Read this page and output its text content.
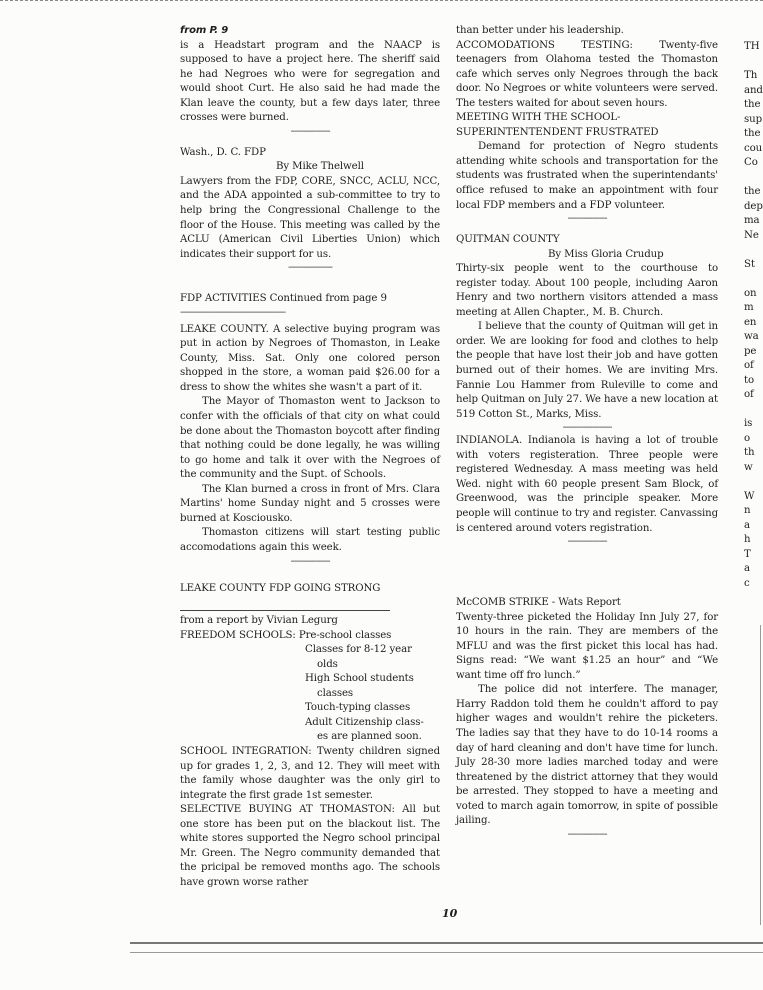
from P. 9

is a Headstart program and the NAACP is supposed to have a project here. The sheriff said he had Negroes who were for segregation and would shoot Curt. He also said he had made the Klan leave the county, but a few days later, three crosses were burned.

----------------

Wash., D. C. FDP

By Mike Thelwell

Lawyers from the FDP, CORE, SNCC, ACLU, NCC, and the ADA appointed a sub-committee to try to help bring the Congressional Challenge to the floor of the House. This meeting was called by the ACLU (American Civil Liberties Union) which indicates their support for us.

------------------

FDP ACTIVITIES Continued from page 9

-------------------------------------------

LEAKE COUNTY. A selective buying program was put in action by Negroes of Thomaston, in Leake County, Miss. Sat. Only one colored person shopped in the store, a woman paid $26.00 for a dress to show the whites she wasn't a part of it.

The Mayor of Thomaston went to Jackson to confer with the officials of that city on what could be done about the Thomaston boycott after finding that nothing could be done legally, he was willing to go home and talk it over with the Negroes of the community and the Supt. of Schools.

The Klan burned a cross in front of Mrs. Clara Martins' home Sunday night and 5 crosses were burned at Kosciousko.

Thomaston citizens will start testing public accomodations again this week.

----------------

LEAKE COUNTY FDP GOING STRONG

from a report by Vivian Legurg

FREEDOM SCHOOLS: Pre-school classes

Classes for 8-12 year

olds

High School students

classes

Touch-typing classes

Adult Citizenship class-

es are planned soon.

SCHOOL INTEGRATION: Twenty children signed up for grades 1, 2, 3, and 12. They will meet with the family whose daughter was the only girl to integrate the first grade 1st semester.

SELECTIVE BUYING AT THOMASTON: All but one store has been put on the blackout list. The white stores supported the Negro school principal Mr. Green. The Negro community demanded that the pricipal be removed months ago. The schools have grown worse rather

than better under his leadership.

ACCOMODATIONS TESTING: Twenty-five teenagers from Olahoma tested the Thomaston cafe which serves only Negroes through the back door. No Negroes or white volunteers were served. The testers waited for about seven hours.

MEETING WITH THE SCHOOL-SUPERINTENTENDENT FRUSTRATED

Demand for protection of Negro students attending white schools and transportation for the students was frustrated when the superintendants' office refused to make an appointment with four local FDP members and a FDP volunteer.

----------------

QUITMAN COUNTY

By Miss Gloria Crudup

Thirty-six people went to the courthouse to register today. About 100 people, including Aaron Henry and two northern visitors attended a mass meeting at Allen Chapter., M. B. Church.

I believe that the county of Quitman will get in order. We are looking for food and clothes to help the people that have lost their job and have gotten burned out of their homes. We are inviting Mrs. Fannie Lou Hammer from Ruleville to come and help Quitman on July 27. We have a new location at 519 Cotton St., Marks, Miss.

--------------------

INDIANOLA. Indianola is having a lot of trouble with voters registeration. Three people were registered Wednesday. A mass meeting was held Wed. night with 60 people present Sam Block, of Greenwood, was the principle speaker. More people will continue to try and register. Canvassing is centered around voters registration.

----------------

McCOMB STRIKE - Wats Report

Twenty-three picketed the Holiday Inn July 27, for 10 hours in the rain. They are members of the MFLU and was the first picket this local has had. Signs read: “We want $1.25 an hour” and “We want time off fro lunch.”

The police did not interfere. The manager, Harry Raddon told them he couldn't afford to pay higher wages and wouldn't rehire the picketers. The ladies say that they have to do 10-14 rooms a day of hard cleaning and don't have time for lunch. July 28-30 more ladies marched today and were threatened by the district attorney that they would be arrested. They stopped to have a meeting and voted to march again tomorrow, in spite of possible jailing.

----------------

TH

Th

and

the

sup

the

cou

Co

the

dep

ma

Ne

St

on

m

en

wa

pe

of

to

of

is

o

th

w

W

n

a

h

T

a

c

10
